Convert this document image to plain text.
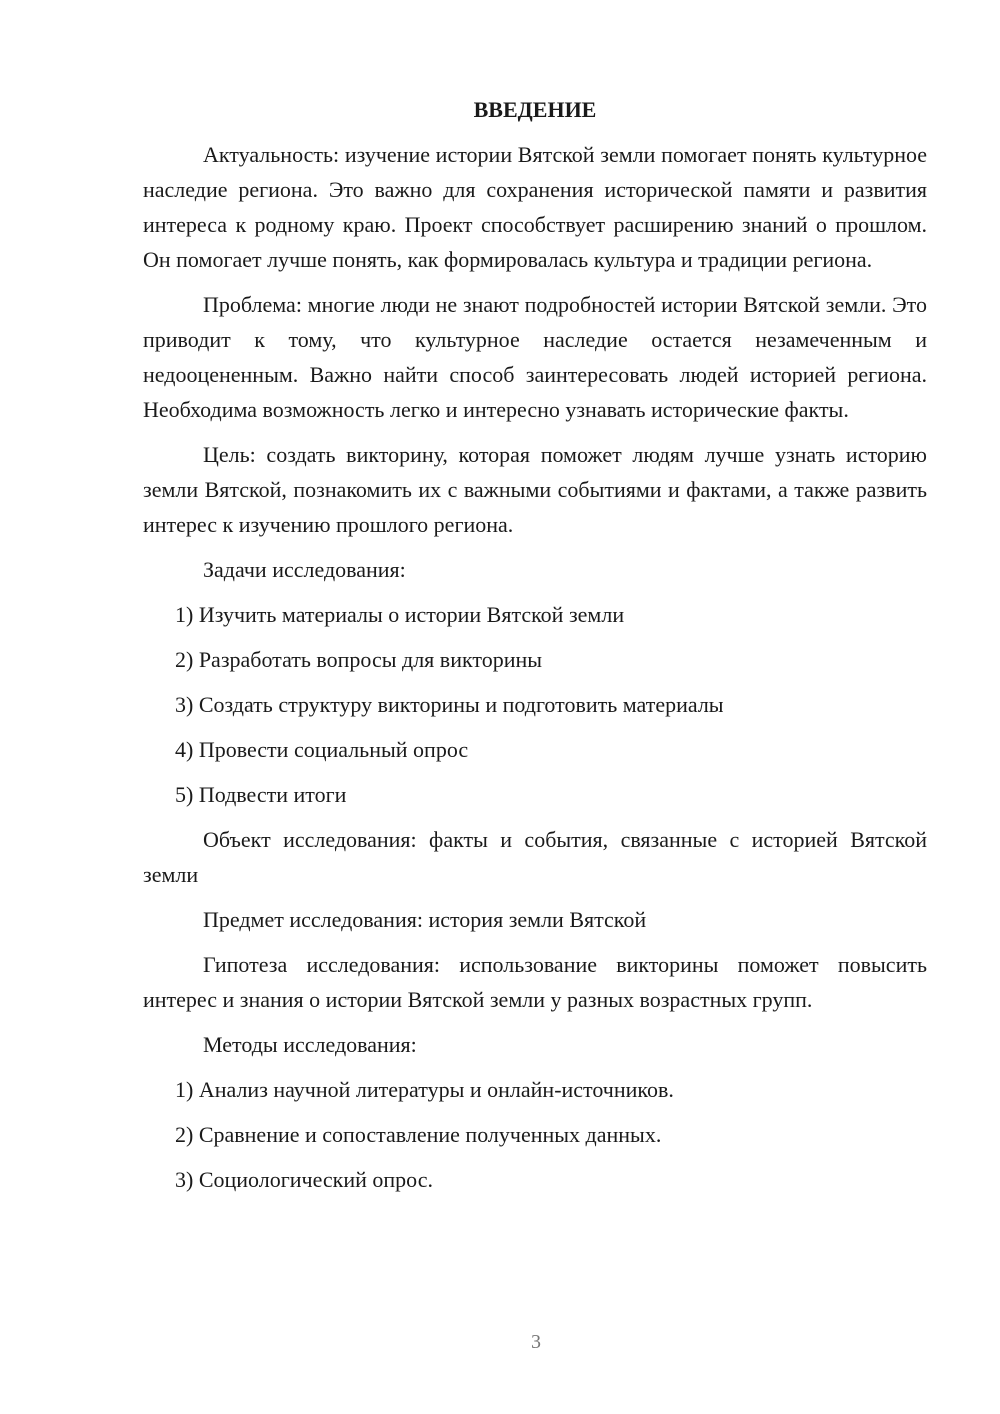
ВВЕДЕНИЕ

Актуальность: изучение истории Вятской земли помогает понять культурное наследие региона. Это важно для сохранения исторической памяти и развития интереса к родному краю. Проект способствует расширению знаний о прошлом. Он помогает лучше понять, как формировалась культура и традиции региона.

Проблема: многие люди не знают подробностей истории Вятской земли. Это приводит к тому, что культурное наследие остается незамеченным и недооцененным. Важно найти способ заинтересовать людей историей региона. Необходима возможность легко и интересно узнавать исторические факты.

Цель: создать викторину, которая поможет людям лучше узнать историю земли Вятской, познакомить их с важными событиями и фактами, а также развить интерес к изучению прошлого региона.

Задачи исследования:

1) Изучить материалы о истории Вятской земли
2) Разработать вопросы для викторины
3) Создать структуру викторины и подготовить материалы
4) Провести социальный опрос
5) Подвести итоги

Объект исследования: факты и события, связанные с историей Вятской земли

Предмет исследования: история земли Вятской

Гипотеза исследования: использование викторины поможет повысить интерес и знания о истории Вятской земли у разных возрастных групп.

Методы исследования:

1) Анализ научной литературы и онлайн-источников.
2) Сравнение и сопоставление полученных данных.
3) Социологический опрос.
3
